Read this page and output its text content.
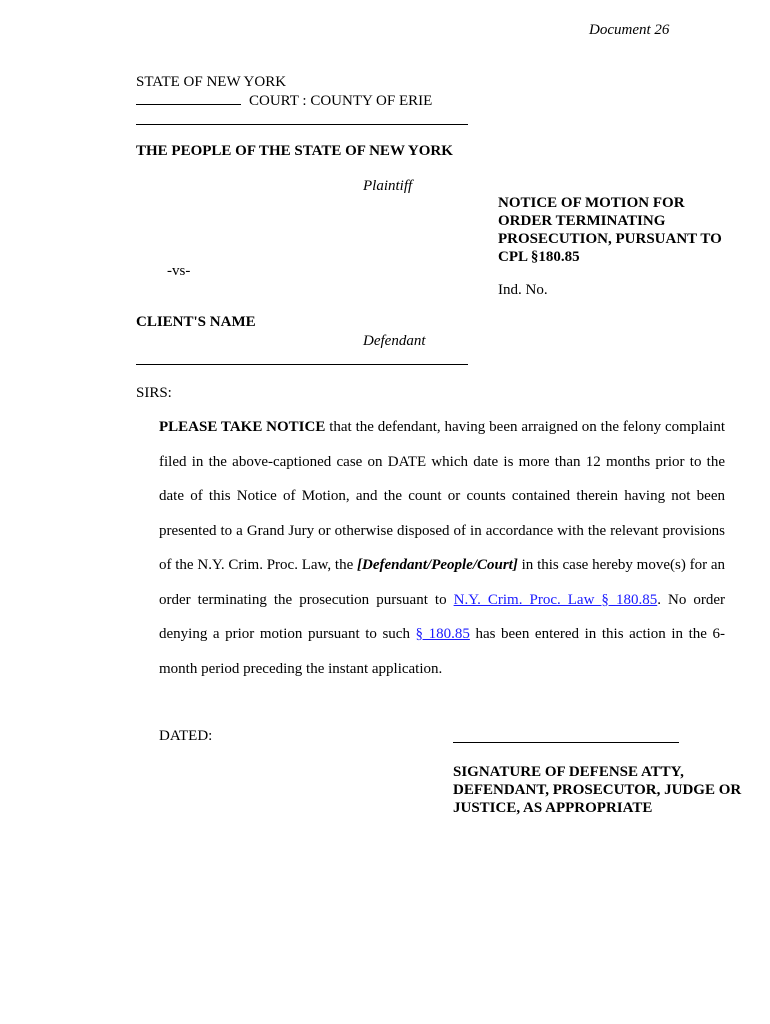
Document 26
STATE OF NEW YORK
COURT : COUNTY OF ERIE
THE PEOPLE OF THE STATE OF NEW YORK
Plaintiff
NOTICE OF MOTION FOR ORDER TERMINATING PROSECUTION, PURSUANT TO CPL §180.85
-vs-
Ind. No.
CLIENT'S NAME
Defendant
SIRS:
PLEASE TAKE NOTICE that the defendant, having been arraigned on the felony complaint filed in the above-captioned case on DATE which date is more than 12 months prior to the date of this Notice of Motion, and the count or counts contained therein having not been presented to a Grand Jury or otherwise disposed of in accordance with the relevant provisions of the N.Y. Crim. Proc. Law, the [Defendant/People/Court] in this case hereby move(s) for an order terminating the prosecution pursuant to N.Y. Crim. Proc. Law § 180.85. No order denying a prior motion pursuant to such § 180.85 has been entered in this action in the 6-month period preceding the instant application.
DATED:
SIGNATURE OF DEFENSE ATTY, DEFENDANT, PROSECUTOR, JUDGE OR JUSTICE, AS APPROPRIATE
